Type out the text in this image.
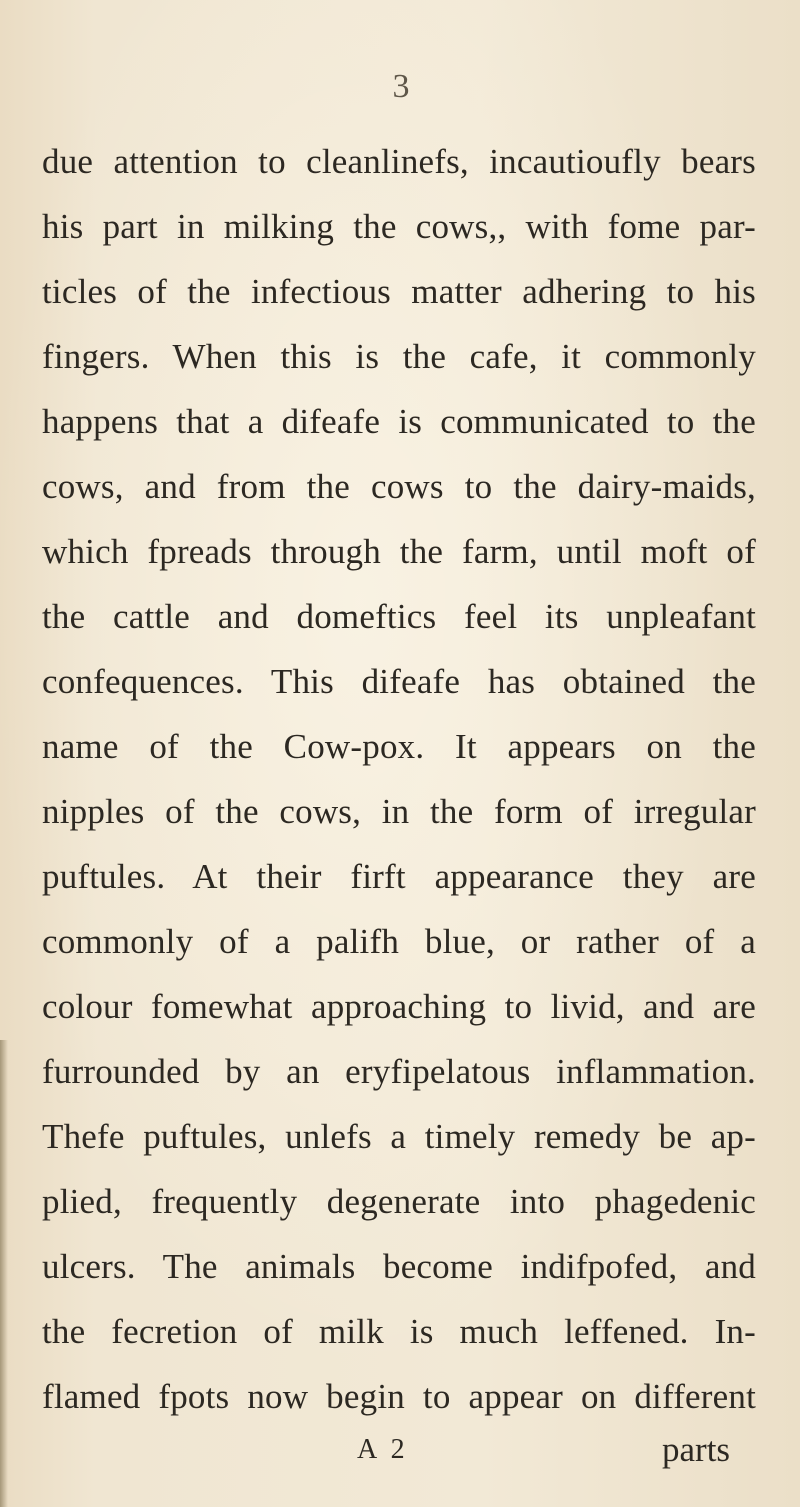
3

due attention to cleanlinefs, incautioufly bears

his part in milking the cows,, with fome par-

ticles of the infectious matter adhering to his

fingers. When this is the cafe, it commonly

happens that a difeafe is communicated to the

cows, and from the cows to the dairy-maids,

which fpreads through the farm, until moft of

the cattle and domeftics feel its unpleafant

confequences. This difeafe has obtained the

name of the Cow-pox. It appears on the

nipples of the cows, in the form of irregular

puftules. At their firft appearance they are

commonly of a palifh blue, or rather of a

colour fomewhat approaching to livid, and are

furrounded by an eryfipelatous inflammation.

Thefe puftules, unlefs a timely remedy be ap-

plied, frequently degenerate into phagedenic

ulcers. The animals become indifpofed, and

the fecretion of milk is much leffened. In-

flamed fpots now begin to appear on different

A 2	parts
